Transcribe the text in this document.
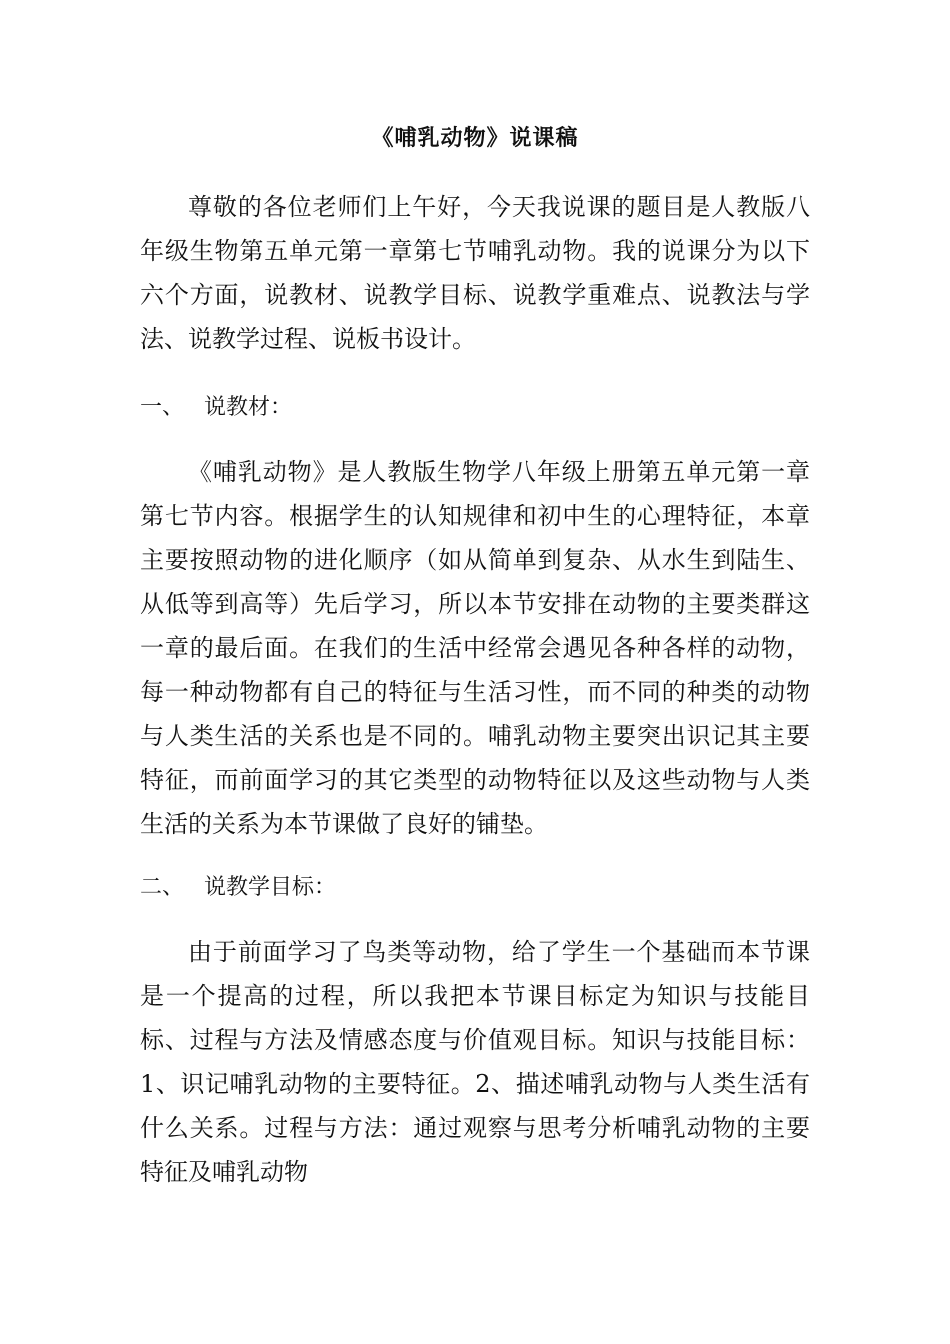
《哺乳动物》说课稿

尊敬的各位老师们上午好，今天我说课的题目是人教版八年级生物第五单元第一章第七节哺乳动物。我的说课分为以下六个方面，说教材、说教学目标、说教学重难点、说教法与学法、说教学过程、说板书设计。

一、 说教材：

《哺乳动物》是人教版生物学八年级上册第五单元第一章第七节内容。根据学生的认知规律和初中生的心理特征，本章主要按照动物的进化顺序（如从简单到复杂、从水生到陆生、从低等到高等）先后学习，所以本节安排在动物的主要类群这一章的最后面。在我们的生活中经常会遇见各种各样的动物，每一种动物都有自己的特征与生活习性，而不同的种类的动物与人类生活的关系也是不同的。哺乳动物主要突出识记其主要特征，而前面学习的其它类型的动物特征以及这些动物与人类生活的关系为本节课做了良好的铺垫。

二、 说教学目标：

由于前面学习了鸟类等动物，给了学生一个基础而本节课是一个提高的过程，所以我把本节课目标定为知识与技能目标、过程与方法及情感态度与价值观目标。知识与技能目标：1、识记哺乳动物的主要特征。2、描述哺乳动物与人类生活有什么关系。过程与方法：通过观察与思考分析哺乳动物的主要特征及哺乳动物
